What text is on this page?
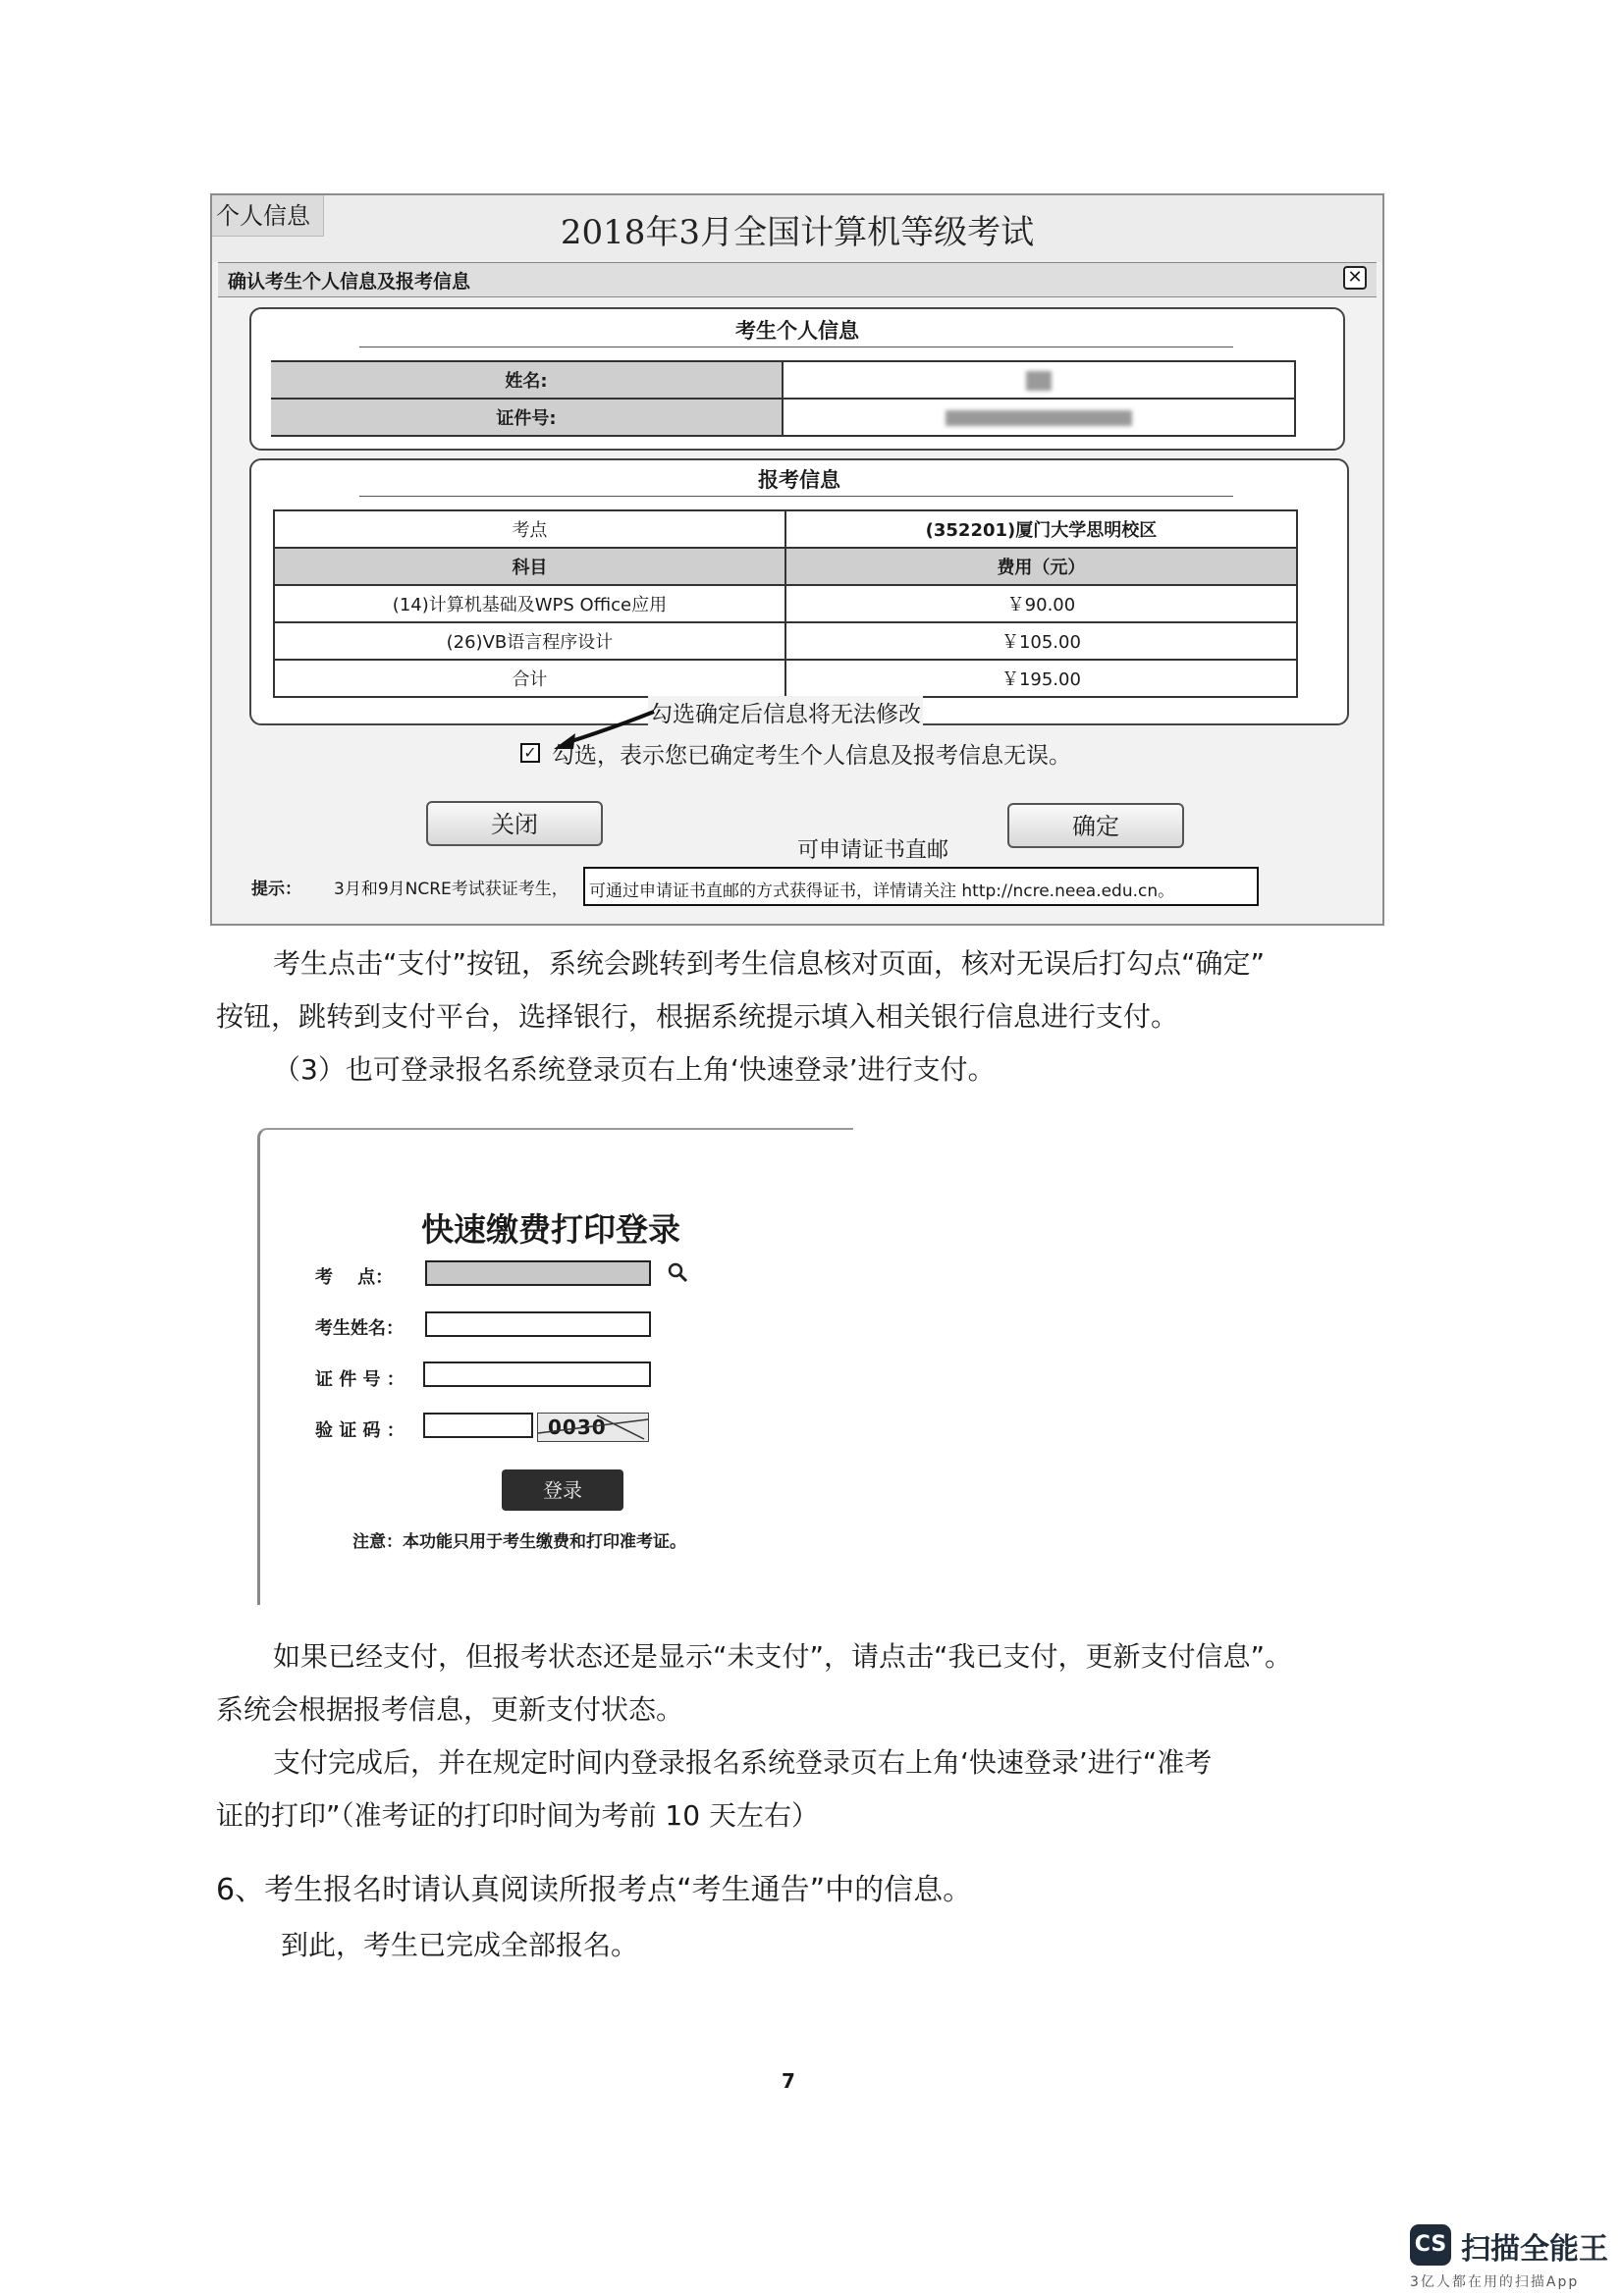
2018年3月全国计算机等级考试
个人信息
确认考生个人信息及报考信息	✕
考生个人信息
姓名:	
证件号:	
报考信息
考点	(352201)厦门大学思明校区
科目	费用（元）
(14)计算机基础及WPS Office应用	￥90.00
(26)VB语言程序设计	￥105.00
合计	￥195.00
勾选确定后信息将无法修改
✓ 勾选，表示您已确定考生个人信息及报考信息无误。
关闭	确定
可申请证书直邮
提示： 3月和9月NCRE考试获证考生， 可通过申请证书直邮的方式获得证书，详情请关注 http://ncre.neea.edu.cn。
考生点击“支付”按钮，系统会跳转到考生信息核对页面，核对无误后打勾点“确定”
按钮，跳转到支付平台，选择银行，根据系统提示填入相关银行信息进行支付。
（3）也可登录报名系统登录页右上角‘快速登录’进行支付。
快速缴费打印登录
考    点：
考生姓名：
证 件 号 ：
验 证 码 ：	0030
登录
注意：本功能只用于考生缴费和打印准考证。
如果已经支付，但报考状态还是显示“未支付”，请点击“我已支付，更新支付信息”。
系统会根据报考信息，更新支付状态。
支付完成后，并在规定时间内登录报名系统登录页右上角‘快速登录’进行“准考
证的打印”（准考证的打印时间为考前 10 天左右）
6、考生报名时请认真阅读所报考点“考生通告”中的信息。
到此，考生已完成全部报名。
7
CS 扫描全能王
3亿人都在用的扫描App
